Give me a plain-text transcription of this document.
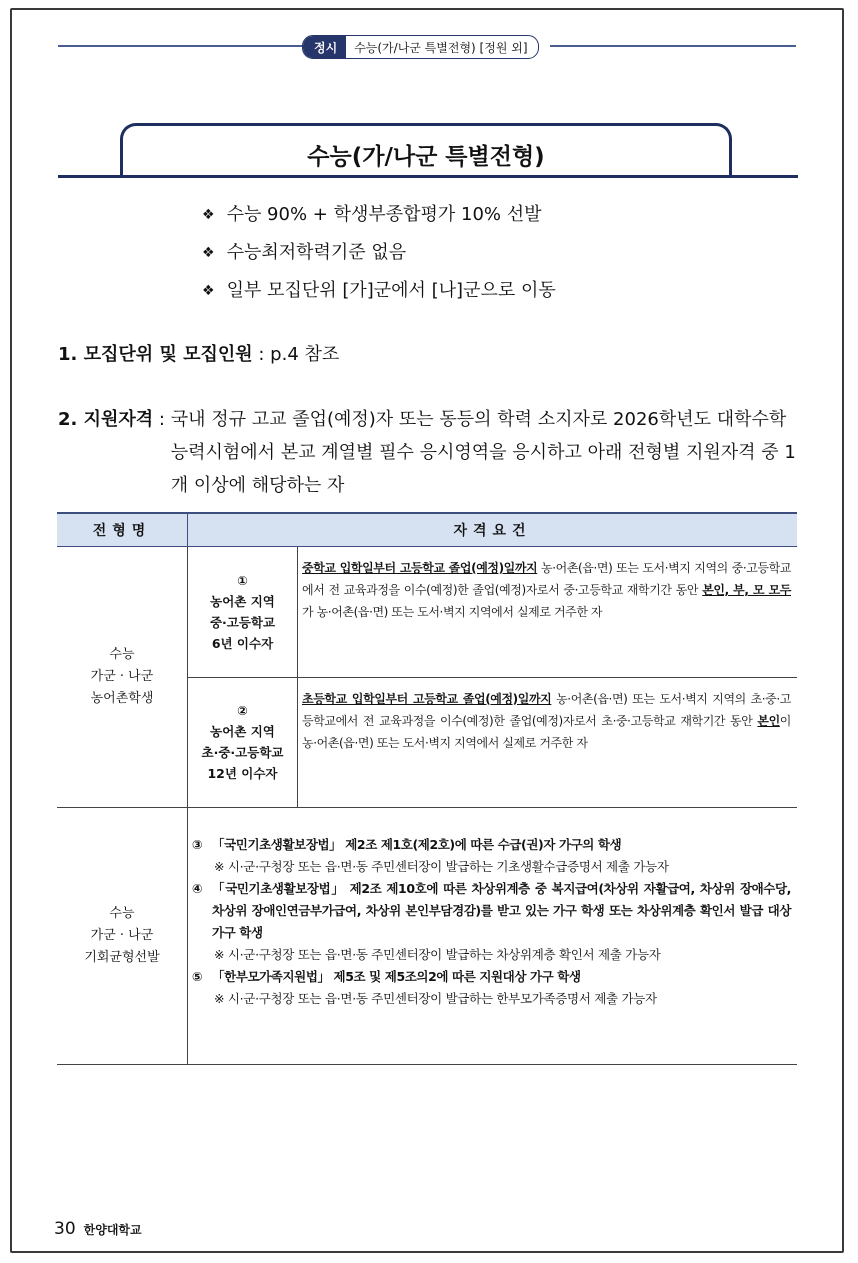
정시	수능(가/나군 특별전형) [정원 외]
수능(가/나군 특별전형)
❖ 수능 90% + 학생부종합평가 10% 선발
❖ 수능최저학력기준 없음
❖ 일부 모집단위 [가]군에서 [나]군으로 이동
1. 모집단위 및 모집인원 : p.4 참조
2. 지원자격 : 국내 정규 고교 졸업(예정)자 또는 동등의 학력 소지자로 2026학년도 대학수학능력시험에서 본교 계열별 필수 응시영역을 응시하고 아래 전형별 지원자격 중 1개 이상에 해당하는 자
전형명	자격요건
수능
가군 · 나군
농어촌학생
①
농어촌 지역
중·고등학교
6년 이수자
중학교 입학일부터 고등학교 졸업(예정)일까지 농·어촌(읍·면) 또는 도서·벽지 지역의 중·고등학교에서 전 교육과정을 이수(예정)한 졸업(예정)자로서 중·고등학교 재학기간 동안 본인, 부, 모 모두가 농·어촌(읍·면) 또는 도서·벽지 지역에서 실제로 거주한 자
②
농어촌 지역
초·중·고등학교
12년 이수자
초등학교 입학일부터 고등학교 졸업(예정)일까지 농·어촌(읍·면) 또는 도서·벽지 지역의 초·중·고등학교에서 전 교육과정을 이수(예정)한 졸업(예정)자로서 초·중·고등학교 재학기간 동안 본인이 농·어촌(읍·면) 또는 도서·벽지 지역에서 실제로 거주한 자
수능
가군 · 나군
기회균형선발
③ 「국민기초생활보장법」 제2조 제1호(제2호)에 따른 수급(권)자 가구의 학생
※ 시·군·구청장 또는 읍·면·동 주민센터장이 발급하는 기초생활수급증명서 제출 가능자
④ 「국민기초생활보장법」 제2조 제10호에 따른 차상위계층 중 복지급여(차상위 자활급여, 차상위 장애수당, 차상위 장애인연금부가급여, 차상위 본인부담경감)를 받고 있는 가구 학생 또는 차상위계층 확인서 발급 대상 가구 학생
※ 시·군·구청장 또는 읍·면·동 주민센터장이 발급하는 차상위계층 확인서 제출 가능자
⑤ 「한부모가족지원법」 제5조 및 제5조의2에 따른 지원대상 가구 학생
※ 시·군·구청장 또는 읍·면·동 주민센터장이 발급하는 한부모가족증명서 제출 가능자
30 한양대학교
